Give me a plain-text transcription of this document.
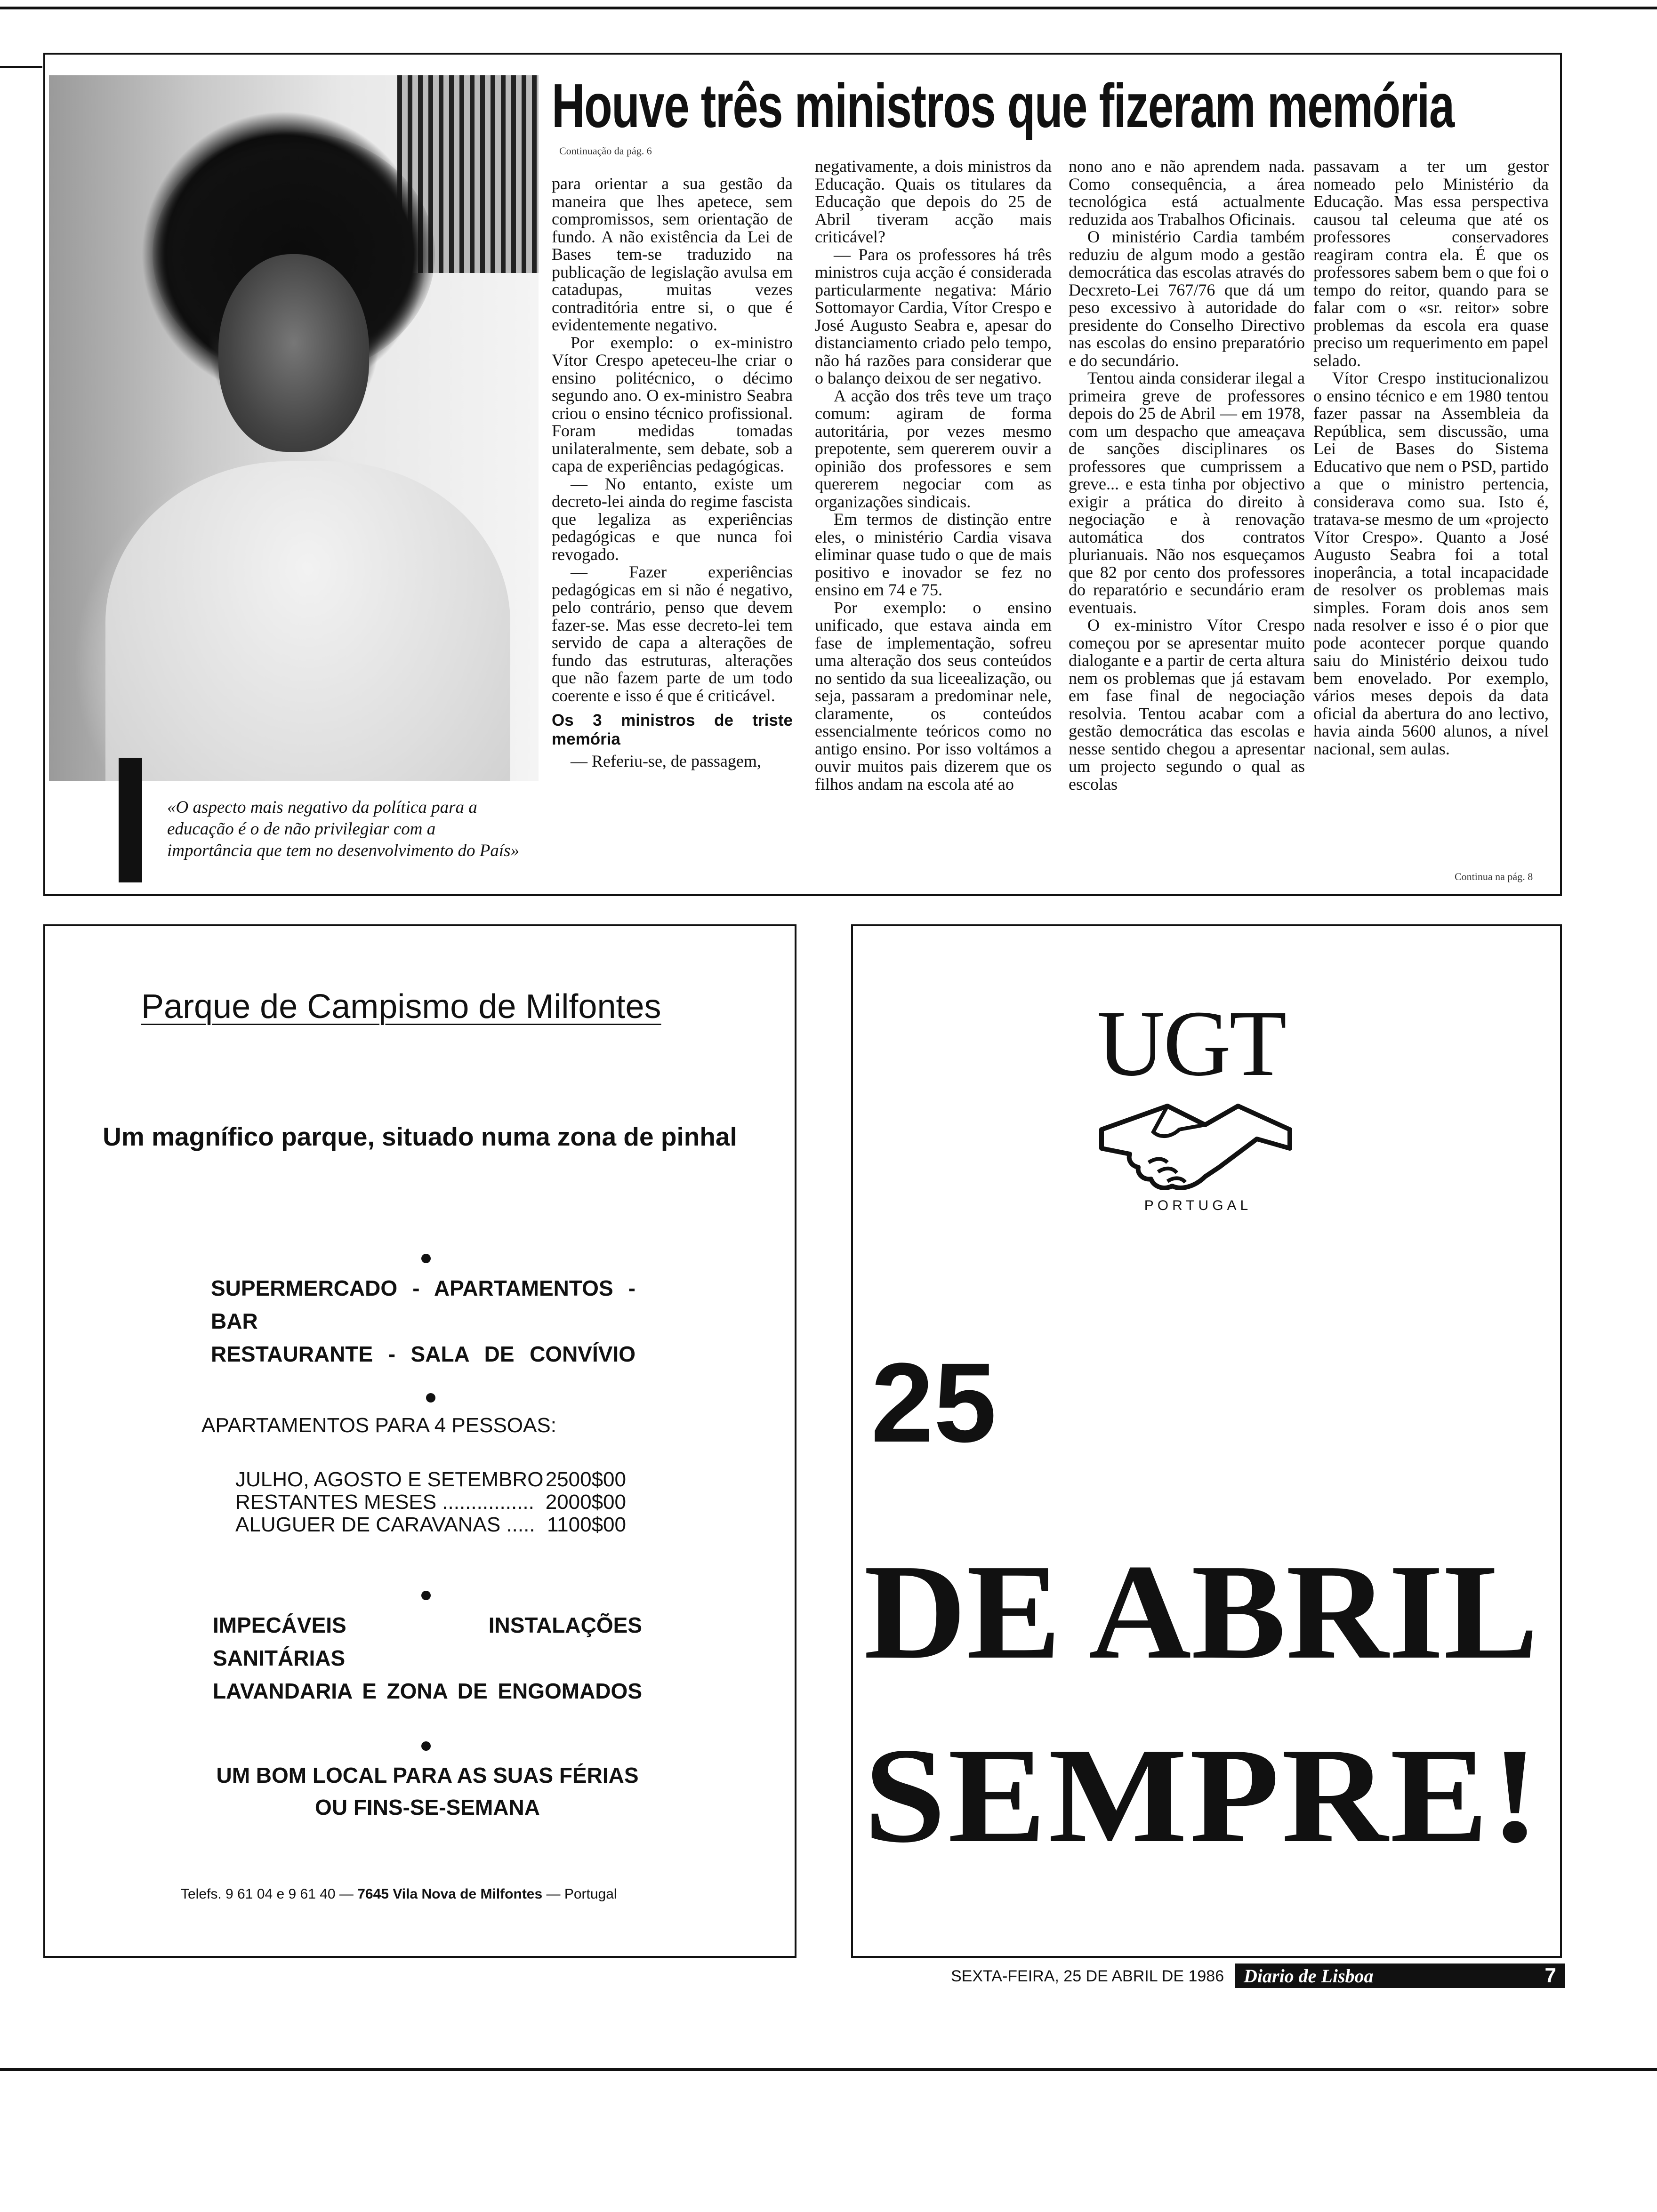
«O aspecto mais negativo da política para a educação é o de não privilegiar com a importância que tem no desenvolvimento do País»
Houve três ministros que fizeram memória
Continuação da pág. 6

para orientar a sua gestão da maneira que lhes apetece, sem compromissos, sem orientação de fundo. A não existência da Lei de Bases tem-se traduzido na publicação de legislação avulsa em catadupas, muitas vezes contraditória entre si, o que é evidentemente negativo.

Por exemplo: o ex-ministro Vítor Crespo apeteceu-lhe criar o ensino politécnico, o décimo segundo ano. O ex-ministro Seabra criou o ensino técnico profissional. Foram medidas tomadas unilateralmente, sem debate, sob a capa de experiências pedagógicas.

— No entanto, existe um decreto-lei ainda do regime fascista que legaliza as experiências pedagógicas e que nunca foi revogado.

— Fazer experiências pedagógicas em si não é negativo, pelo contrário, penso que devem fazer-se. Mas esse decreto-lei tem servido de capa a alterações de fundo das estruturas, alterações que não fazem parte de um todo coerente e isso é que é criticável.

Os 3 ministros de triste memória

— Referiu-se, de passagem,

negativamente, a dois ministros da Educação. Quais os titulares da Educação que depois do 25 de Abril tiveram acção mais criticável?

— Para os professores há três ministros cuja acção é considerada particularmente negativa: Mário Sottomayor Cardia, Vítor Crespo e José Augusto Seabra e, apesar do distanciamento criado pelo tempo, não há razões para considerar que o balanço deixou de ser negativo.

A acção dos três teve um traço comum: agiram de forma autoritária, por vezes mesmo prepotente, sem quererem ouvir a opinião dos professores e sem quererem negociar com as organizações sindicais.

Em termos de distinção entre eles, o ministério Cardia visava eliminar quase tudo o que de mais positivo e inovador se fez no ensino em 74 e 75.

Por exemplo: o ensino unificado, que estava ainda em fase de implementação, sofreu uma alteração dos seus conteúdos no sentido da sua liceealização, ou seja, passaram a predominar nele, claramente, os conteúdos essencialmente teóricos como no antigo ensino. Por isso voltámos a ouvir muitos pais dizerem que os filhos andam na escola até ao

nono ano e não aprendem nada. Como consequência, a área tecnológica está actualmente reduzida aos Trabalhos Oficinais.

O ministério Cardia também reduziu de algum modo a gestão democrática das escolas através do Decxreto-Lei 767/76 que dá um peso excessivo à autoridade do presidente do Conselho Directivo nas escolas do ensino preparatório e do secundário.

Tentou ainda considerar ilegal a primeira greve de professores depois do 25 de Abril — em 1978, com um despacho que ameaçava de sanções disciplinares os professores que cumprissem a greve... e esta tinha por objectivo exigir a prática do direito à negociação e à renovação automática dos contratos plurianuais. Não nos esqueçamos que 82 por cento dos professores do reparatório e secundário eram eventuais.

O ex-ministro Vítor Crespo começou por se apresentar muito dialogante e a partir de certa altura nem os problemas que já estavam em fase final de negociação resolvia. Tentou acabar com a gestão democrática das escolas e nesse sentido chegou a apresentar um projecto segundo o qual as escolas

passavam a ter um gestor nomeado pelo Ministério da Educação. Mas essa perspectiva causou tal celeuma que até os professores conservadores reagiram contra ela. É que os professores sabem bem o que foi o tempo do reitor, quando para se falar com o «sr. reitor» sobre problemas da escola era quase preciso um requerimento em papel selado.

Vítor Crespo institucionalizou o ensino técnico e em 1980 tentou fazer passar na Assembleia da República, sem discussão, uma Lei de Bases do Sistema Educativo que nem o PSD, partido a que o ministro pertencia, considerava como sua. Isto é, tratava-se mesmo de um «projecto Vítor Crespo». Quanto a José Augusto Seabra foi a total inoperância, a total incapacidade de resolver os problemas mais simples. Foram dois anos sem nada resolver e isso é o pior que pode acontecer porque quando saiu do Ministério deixou tudo bem enovelado. Por exemplo, vários meses depois da data oficial da abertura do ano lectivo, havia ainda 5600 alunos, a nível nacional, sem aulas.

Continua na pág. 8
Parque de Campismo de Milfontes
Um magnífico parque, situado numa zona de pinhal
SUPERMERCADO - APARTAMENTOS - BAR
RESTAURANTE - SALA DE CONVÍVIO
APARTAMENTOS PARA 4 PESSOAS:
JULHO, AGOSTO E SETEMBRO 2500$00
RESTANTES MESES ................ 2000$00
ALUGUER DE CARAVANAS ..... 1100$00
IMPECÁVEIS INSTALAÇÕES SANITÁRIAS
LAVANDARIA E ZONA DE ENGOMADOS
UM BOM LOCAL PARA AS SUAS FÉRIAS
OU FINS-SE-SEMANA
Telefs. 9 61 04 e 9 61 40 — 7645 Vila Nova de Milfontes — Portugal
UGT
PORTUGAL
25
DE ABRIL
SEMPRE!
SEXTA-FEIRA, 25 DE ABRIL DE 1986 Diario de Lisboa	7
